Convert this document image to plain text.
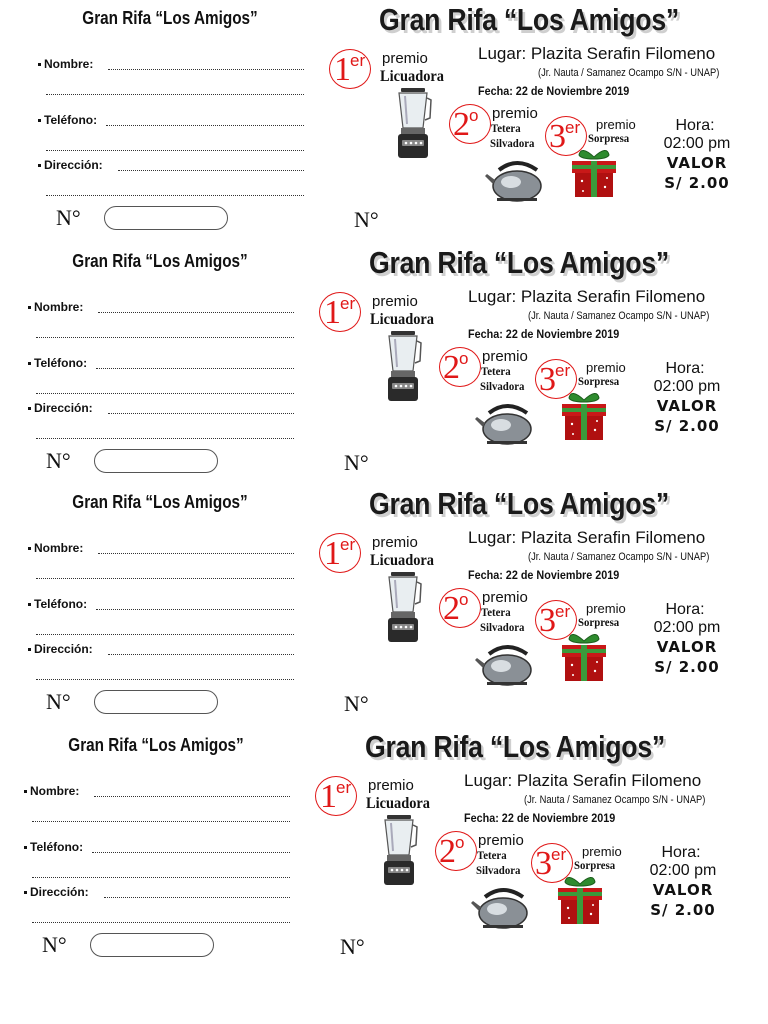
Gran Rifa “Los Amigos”
Nombre:
Teléfono:
Dirección:
N°
Gran Rifa “Los Amigos”
1er premio
Licuadora
Lugar: Plazita Serafin Filomeno
(Jr. Nauta / Samanez Ocampo S/N - UNAP)
Fecha: 22 de Noviembre 2019
2$^o$ premio
Tetera
Silvadora 3er premio
Sorpresa
Hora:
02:00 pm
VALOR
S/ 2.00
N°
Gran Rifa “Los Amigos”
Nombre:
Teléfono:
Dirección:
N°
Gran Rifa “Los Amigos”
1er premio
Licuadora
Lugar: Plazita Serafin Filomeno
(Jr. Nauta / Samanez Ocampo S/N - UNAP)
Fecha: 22 de Noviembre 2019
2$^o$ premio
Tetera
Silvadora 3er premio
Sorpresa
Hora:
02:00 pm
VALOR
S/ 2.00
N°
Gran Rifa “Los Amigos”
Nombre:
Teléfono:
Dirección:
N°
Gran Rifa “Los Amigos”
1er premio
Licuadora
Lugar: Plazita Serafin Filomeno
(Jr. Nauta / Samanez Ocampo S/N - UNAP)
Fecha: 22 de Noviembre 2019
2$^o$ premio
Tetera
Silvadora 3er premio
Sorpresa
Hora:
02:00 pm
VALOR
S/ 2.00
N°
Gran Rifa “Los Amigos”
Nombre:
Teléfono:
Dirección:
N°
Gran Rifa “Los Amigos”
1er premio
Licuadora
Lugar: Plazita Serafin Filomeno
(Jr. Nauta / Samanez Ocampo S/N - UNAP)
Fecha: 22 de Noviembre 2019
2$^o$ premio
Tetera
Silvadora 3er premio
Sorpresa
Hora:
02:00 pm
VALOR
S/ 2.00
N°
